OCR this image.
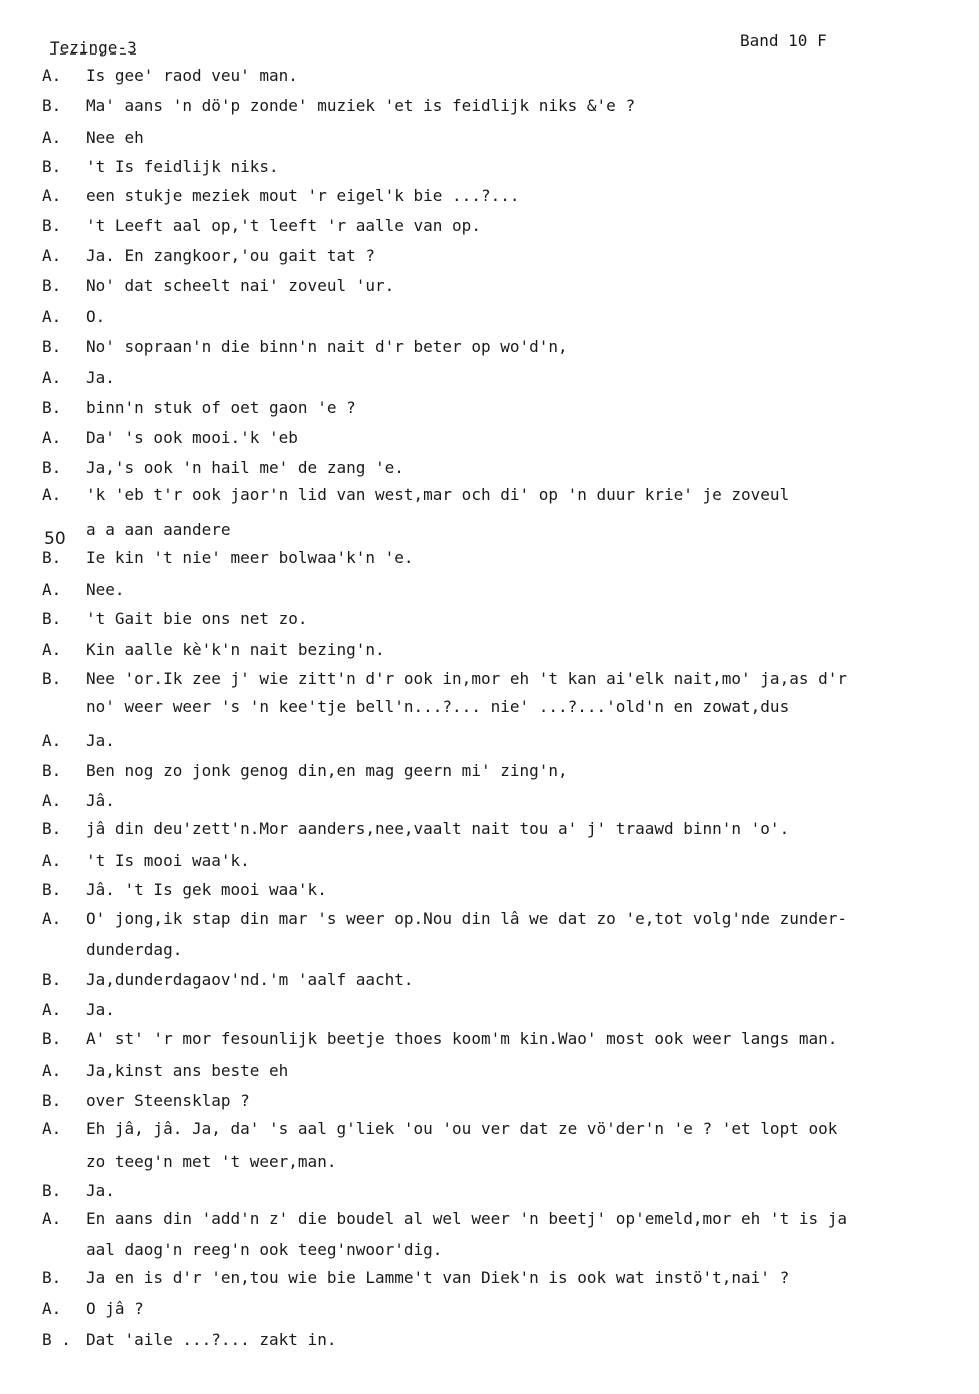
Tezinge-3	Band 10 F
50
A. Is gee' raod veu' man.
B. Ma' aans 'n dö'p zonde' muziek 'et is feidlijk niks &'e ?
A. Nee eh
B. 't Is feidlijk niks.
A. een stukje meziek mout 'r eigel'k bie ...?...
B. 't Leeft aal op,'t leeft 'r aalle van op.
A. Ja. En zangkoor,'ou gait tat ?
B. No' dat scheelt nai' zoveul 'ur.
A. O.
B. No' sopraan'n die binn'n nait d'r beter op wo'd'n,
A. Ja.
B. binn'n stuk of oet gaon 'e ?
A. Da' 's ook mooi.'k 'eb
B. Ja,'s ook 'n hail me' de zang 'e.
A. 'k 'eb t'r ook jaor'n lid van west,mar och di' op 'n duur krie' je zoveul
a a aan aandere
B. Ie kin 't nie' meer bolwaa'k'n 'e.
A. Nee.
B. 't Gait bie ons net zo.
A. Kin aalle kè'k'n nait bezing'n.
B. Nee 'or.Ik zee j' wie zitt'n d'r ook in,mor eh 't kan ai'elk nait,mo' ja,as d'r
no' weer weer 's 'n kee'tje bell'n...?... nie' ...?...'old'n en zowat,dus
A. Ja.
B. Ben nog zo jonk genog din,en mag geern mi' zing'n,
A. Jâ.
B. jâ din deu'zett'n.Mor aanders,nee,vaalt nait tou a' j' traawd binn'n 'o'.
A. 't Is mooi waa'k.
B. Jâ. 't Is gek mooi waa'k.
A. O' jong,ik stap din mar 's weer op.Nou din lâ we dat zo 'e,tot volg'nde zunder-
dunderdag.
B. Ja,dunderdagaov'nd.'m 'aalf aacht.
A. Ja.
B. A' st' 'r mor fesounlijk beetje thoes koom'm kin.Wao' most ook weer langs man.
A. Ja,kinst ans beste eh
B. over Steensklap ?
A. Eh jâ, jâ. Ja, da' 's aal g'liek 'ou 'ou ver dat ze vö'der'n 'e ? 'et lopt ook
zo teeg'n met 't weer,man.
B. Ja.
A. En aans din 'add'n z' die boudel al wel weer 'n beetj' op'emeld,mor eh 't is ja
aal daog'n reeg'n ook teeg'nwoor'dig.
B. Ja en is d'r 'en,tou wie bie Lamme't van Diek'n is ook wat instö't,nai' ?
A. O jâ ?
B . Dat 'aile ...?... zakt in.
